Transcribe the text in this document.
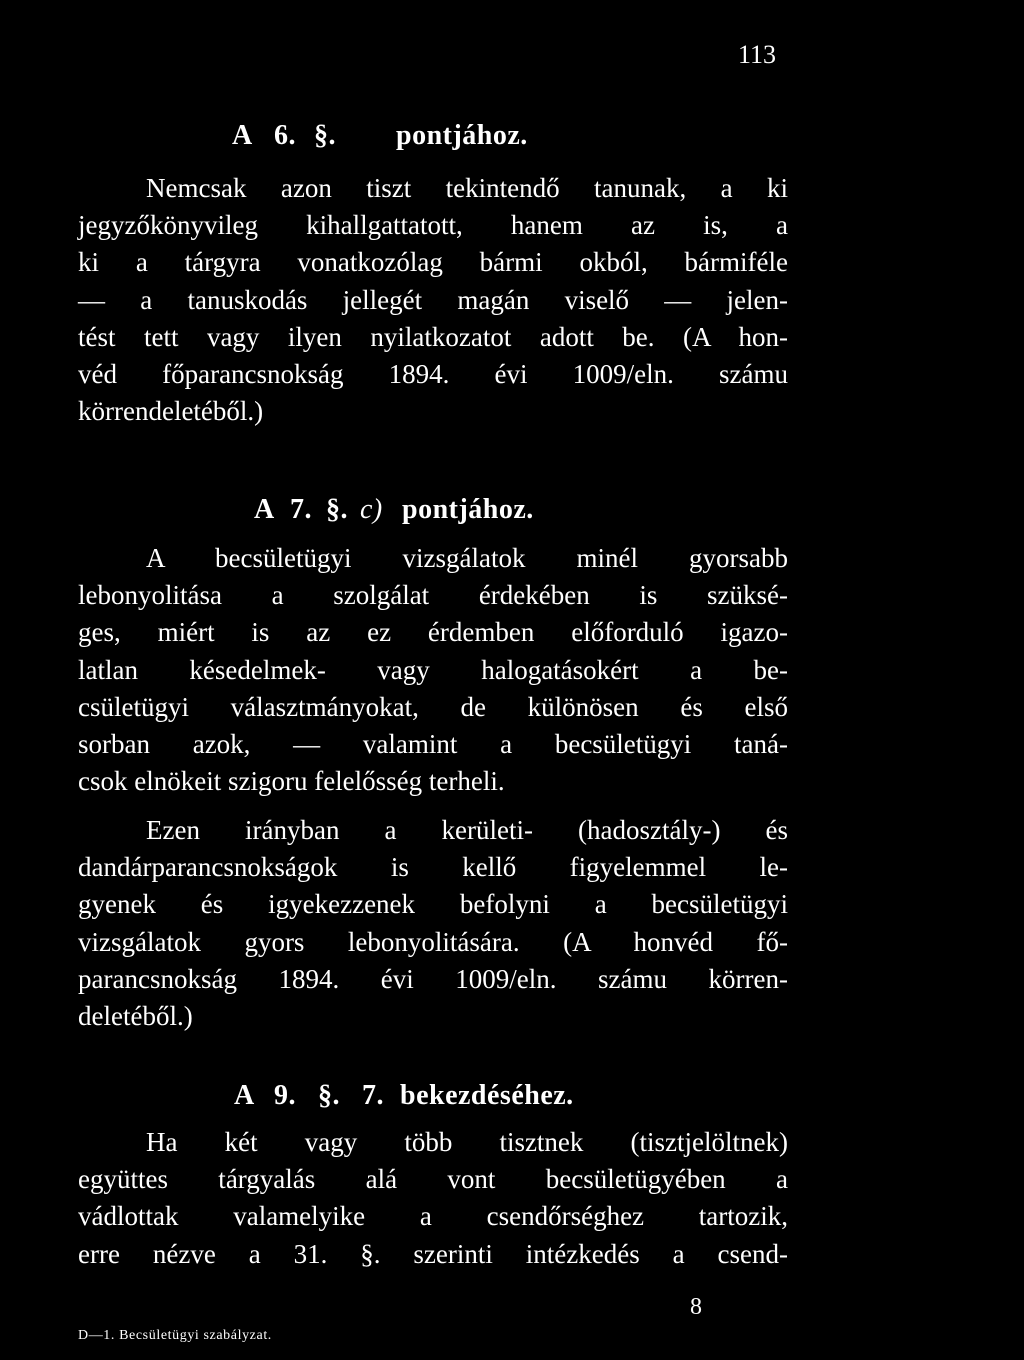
113
A 6. §. pontjához.
Nemcsak azon tiszt tekintendő tanunak, a ki
jegyzőkönyvileg kihallgattatott, hanem az is, a
ki a tárgyra vonatkozólag bármi okból, bármiféle
— a tanuskodás jellegét magán viselő — jelen-
tést tett vagy ilyen nyilatkozatot adott be. (A hon-
véd főparancsnokság 1894. évi 1009/eln. számu
körrendeletéből.)
A 7. §. c) pontjához.
A becsületügyi vizsgálatok minél gyorsabb
lebonyolitása a szolgálat érdekében is szüksé-
ges, miért is az ez érdemben előforduló igazo-
latlan késedelmek- vagy halogatásokért a be-
csületügyi választmányokat, de különösen és első
sorban azok, — valamint a becsületügyi taná-
csok elnökeit szigoru felelősség terheli.
Ezen irányban a kerületi- (hadosztály-) és
dandárparancsnokságok is kellő figyelemmel le-
gyenek és igyekezzenek befolyni a becsületügyi
vizsgálatok gyors lebonyolitására. (A honvéd fő-
parancsnokság 1894. évi 1009/eln. számu körren-
deletéből.)
A 9. §. 7. bekezdéséhez.
Ha két vagy több tisztnek (tisztjelöltnek)
együttes tárgyalás alá vont becsületügyében a
vádlottak valamelyike a csendőrséghez tartozik,
erre nézve a 31. §. szerinti intézkedés a csend-
D—1. Becsületügyi szabályzat.
8
